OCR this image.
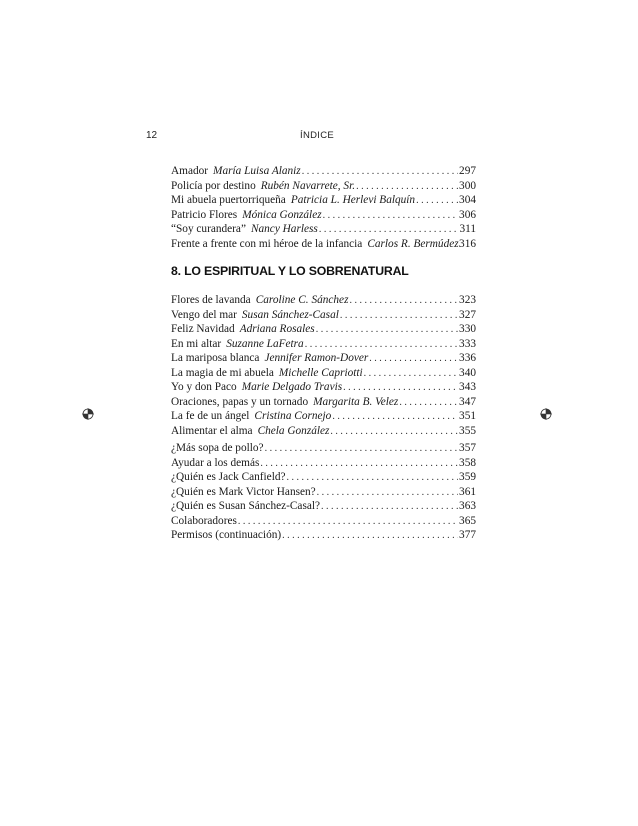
12	ÍNDICE
Amador María Luisa Alaniz . . .	297
Policía por destino Rubén Navarrete, Sr. . . .	300
Mi abuela puertorriqueña Patricia L. Herlevi Balquín . . .	304
Patricio Flores Mónica González . . .	306
“Soy curandera” Nancy Harless . . .	311
Frente a frente con mi héroe de la infancia Carlos R. Bermúdez . . . 316
8. LO ESPIRITUAL Y LO SOBRENATURAL
Flores de lavanda Caroline C. Sánchez . . .	323
Vengo del mar Susan Sánchez-Casal . . .	327
Feliz Navidad Adriana Rosales . . .	330
En mi altar Suzanne LaFetra . . .	333
La mariposa blanca Jennifer Ramon-Dover . . .	336
La magia de mi abuela Michelle Capriotti . . .	340
Yo y don Paco Marie Delgado Travis . . .	343
Oraciones, papas y un tornado Margarita B. Velez . . .	347
La fe de un ángel Cristina Cornejo . . .	351
Alimentar el alma Chela González . . .	355
¿Más sopa de pollo? . . .	357
Ayudar a los demás . . .	358
¿Quién es Jack Canfield? . . .	359
¿Quién es Mark Victor Hansen? . . .	361
¿Quién es Susan Sánchez-Casal? . . .	363
Colaboradores . . .	365
Permisos (continuación) . . .	377
